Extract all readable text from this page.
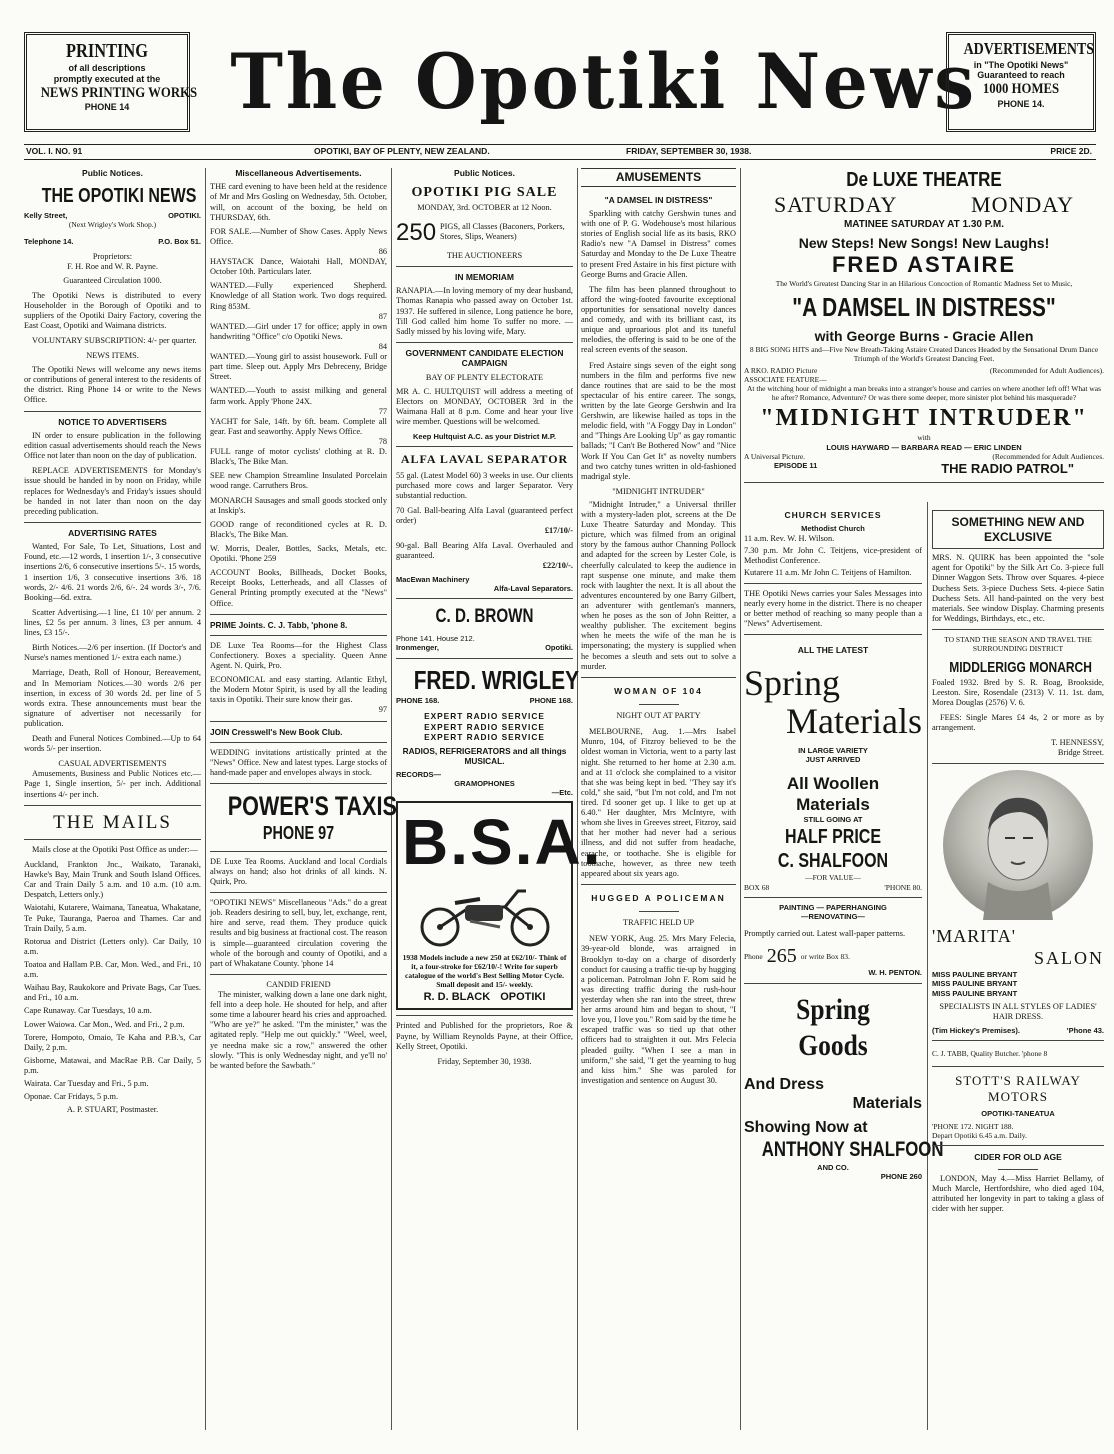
PRINTING
of all descriptions
promptly executed at the
NEWS PRINTING WORKS
PHONE 14	The Opotiki News
ADVERTISEMENTS
in "The Opotiki News"
Guaranteed to reach
1000 HOMES
PHONE 14.
VOL. I. NO. 91	OPOTIKI, BAY OF PLENTY, NEW ZEALAND.	FRIDAY, SEPTEMBER 30, 1938.	PRICE 2D.
Public Notices.
THE OPOTIKI NEWS
Kelly Street,	OPOTIKI.
(Next Wrigley's Work Shop.)
Telephone 14.	P.O. Box 51.
Proprietors:
F. H. Roe and W. R. Payne.
Guaranteed Circulation 1000.

The Opotiki News is distributed to every Householder in the Borough of Opotiki and to suppliers of the Opotiki Dairy Factory, covering the East Coast, Opotiki and Waimana districts.

VOLUNTARY SUBSCRIPTION: 4/- per quarter.

NEWS ITEMS.

The Opotiki News will welcome any news items or contributions of general interest to the residents of the district. Ring Phone 14 or write to the News Office.

NOTICE TO ADVERTISERS

IN order to ensure publication in the following edition casual advertisements should reach the News Office not later than noon on the day of publication.

REPLACE ADVERTISEMENTS for Monday's issue should be handed in by noon on Friday, while replaces for Wednesday's and Friday's issues should be handed in not later than noon on the day preceding publication.

ADVERTISING RATES

Wanted, For Sale, To Let, Situations, Lost and Found, etc.—12 words, 1 insertion 1/-, 3 consecutive insertions 2/6, 6 consecutive insertions 5/-. 15 words, 1 insertion 1/6, 3 consecutive insertions 3/6. 18 words, 2/- 4/6. 21 words 2/6, 6/-. 24 words 3/-, 7/6. Booking—6d. extra.

Scatter Advertising.—1 line, £1 10/ per annum. 2 lines, £2 5s per annum. 3 lines, £3 per annum. 4 lines, £3 15/-.

Birth Notices.—2/6 per insertion. (If Doctor's and Nurse's names mentioned 1/- extra each name.)

Marriage, Death, Roll of Honour, Bereavement, and In Memoriam Notices.—30 words 2/6 per insertion, in excess of 30 words 2d. per line of 5 words extra. These announcements must bear the signature of advertiser not necessarily for publication.

Death and Funeral Notices Combined.—Up to 64 words 5/- per insertion.

CASUAL ADVERTISEMENTS

Amusements, Business and Public Notices etc.—Page 1, Single insertion, 5/- per inch. Additional insertions 4/- per inch.

THE MAILS

Mails close at the Opotiki Post Office as under:—

Auckland, Frankton Jnc., Waikato, Taranaki, Hawke's Bay, Main Trunk and South Island Offices. Car and Train Daily 5 a.m. and 10 a.m. (10 a.m. Despatch, Letters only.)

Waiotahi, Kutarere, Waimana, Taneatua, Whakatane, Te Puke, Tauranga, Paeroa and Thames. Car and Train Daily, 5 a.m.

Rotorua and District (Letters only). Car Daily, 10 a.m.

Toatoa and Hallam P.B. Car, Mon. Wed., and Fri., 10 a.m.

Waihau Bay, Raukokore and Private Bags, Car Tues. and Fri., 10 a.m.

Cape Runaway. Car Tuesdays, 10 a.m.

Lower Waiowa. Car Mon., Wed. and Fri., 2 p.m.

Torere, Hompoto, Omaio, Te Kaha and P.B.'s, Car Daily, 2 p.m.

Gisborne, Matawai, and MacRae P.B. Car Daily, 5 p.m.

Wairata. Car Tuesday and Fri., 5 p.m.

Oponae. Car Fridays, 5 p.m.

A. P. STUART, Postmaster.
Miscellaneous Advertisements.

THE card evening to have been held at the residence of Mr and Mrs Gosling on Wednesday, 5th. October, will, on account of the boxing, be held on THURSDAY, 6th.

FOR SALE.—Number of Show Cases. Apply News Office.

86

HAYSTACK Dance, Waiotahi Hall, MONDAY, October 10th. Particulars later.

WANTED.—Fully experienced Shepherd. Knowledge of all Station work. Two dogs required. Ring 853M.

87

WANTED.—Girl under 17 for office; apply in own handwriting "Office" c/o Opotiki News.

84

WANTED.—Young girl to assist housework. Full or part time. Sleep out. Apply Mrs Debreceny, Bridge Street.

WANTED.—Youth to assist milking and general farm work. Apply 'Phone 24X.

77

YACHT for Sale, 14ft. by 6ft. beam. Complete all gear. Fast and seaworthy. Apply News Office.

78

FULL range of motor cyclists' clothing at R. D. Black's, The Bike Man.

SEE new Champion Streamline Insulated Porcelain wood range. Carruthers Bros.

MONARCH Sausages and small goods stocked only at Inskip's.

GOOD range of reconditioned cycles at R. D. Black's, The Bike Man.

W. Morris, Dealer, Bottles, Sacks, Metals, etc. Opotiki. 'Phone 259

ACCOUNT Books, Billheads, Docket Books, Receipt Books, Letterheads, and all Classes of General Printing promptly executed at the "News" Office.

PRIME Joints. C. J. Tabb, 'phone 8.

DE Luxe Tea Rooms—for the Highest Class Confectionery. Boxes a speciality. Queen Anne Agent. N. Quirk, Pro.

ECONOMICAL and easy starting. Atlantic Ethyl, the Modern Motor Spirit, is used by all the leading taxis in Opotiki. Their sure know their gas.

97

JOIN Cresswell's New Book Club.

WEDDING invitations artistically printed at the "News" Office. New and latest types. Large stocks of hand-made paper and envelopes always in stock.

POWER'S TAXIS
PHONE 97

DE Luxe Tea Rooms. Auckland and local Cordials always on hand; also hot drinks of all kinds. N. Quirk, Pro.

"OPOTIKI NEWS" Miscellaneous "Ads." do a great job. Readers desiring to sell, buy, let, exchange, rent, hire and serve, read them. They produce quick results and big business at fractional cost. The reason is simple—guaranteed circulation covering the whole of the borough and county of Opotiki, and a part of Whakatane County. 'phone 14

CANDID FRIEND

The minister, walking down a lane one dark night, fell into a deep hole. He shouted for help, and after some time a labourer heard his cries and approached. "Who are ye?" he asked. "I'm the minister," was the agitated reply. "Help me out quickly." "Weel, weel, ye needna make sic a row," answered the other slowly. "This is only Wednesday night, and ye'll no' be wanted before the Sawbath."

Public Notices.
OPOTIKI PIG SALE
MONDAY, 3rd. OCTOBER at 12 Noon.
250 PIGS, all Classes (Baconers, Porkers, Stores, Slips, Weaners)
THE AUCTIONEERS
IN MEMORIAM

RANAPIA.—In loving memory of my dear husband, Thomas Ranapia who passed away on October 1st. 1937. He suffered in silence, Long patience he bore, Till God called him home To suffer no more. —Sadly missed by his loving wife, Mary.

GOVERNMENT CANDIDATE ELECTION CAMPAIGN
BAY OF PLENTY ELECTORATE

MR A. C. HULTQUIST will address a meeting of Electors on MONDAY, OCTOBER 3rd in the Waimana Hall at 8 p.m. Come and hear your live wire member. Questions will be welcomed.

Keep Hultquist A.C. as your District M.P.
ALFA LAVAL SEPARATOR

55 gal. (Latest Model 60) 3 weeks in use. Our clients purchased more cows and larger Separator. Very substantial reduction.

70 Gal. Ball-bearing Alfa Laval (guaranteed perfect order)

£17/10/-

90-gal. Ball Bearing Alfa Laval. Overhauled and guaranteed.

£22/10/-.
MacEwan Machinery
Alfa-Laval Separators.
C. D. BROWN
Phone 141. House 212.
Ironmenger,	Opotiki.
FRED. WRIGLEY
PHONE 168.	PHONE 168.
EXPERT RADIO SERVICE
EXPERT RADIO SERVICE
EXPERT RADIO SERVICE
RADIOS, REFRIGERATORS and all things MUSICAL.
RECORDS—
GRAMOPHONES
—Etc.
B.S.A.
1938 Models include a new 250 at £62/10/- Think of it, a four-stroke for £62/10/-! Write for superb catalogue of the world's Best Selling Motor Cycle. Small deposit and 15/- weekly.
R. D. BLACK OPOTIKI

Printed and Published for the proprietors, Roe & Payne, by William Reynolds Payne, at their Office, Kelly Street, Opotiki.

Friday, September 30, 1938.
AMUSEMENTS
"A DAMSEL IN DISTRESS"

Sparkling with catchy Gershwin tunes and with one of P. G. Wodehouse's most hilarious stories of English social life as its basis, RKO Radio's new "A Damsel in Distress" comes Saturday and Monday to the De Luxe Theatre to present Fred Astaire in his first picture with George Burns and Gracie Allen.

The film has been planned throughout to afford the wing-footed favourite exceptional opportunities for sensational novelty dances and comedy, and with its brilliant cast, its unique and uproarious plot and its tuneful melodies, the offering is said to be one of the real screen events of the season.

Fred Astaire sings seven of the eight song numbers in the film and performs five new dance routines that are said to be the most spectacular of his entire career. The songs, written by the late George Gershwin and Ira Gershwin, are likewise hailed as tops in the melodic field, with "A Foggy Day in London" and "Things Are Looking Up" as gay romantic ballads; "I Can't Be Bothered Now" and "Nice Work If You Can Get It" as novelty numbers and two catchy tunes written in old-fashioned madrigal style.

"MIDNIGHT INTRUDER"

"Midnight Intruder," a Universal thriller with a mystery-laden plot, screens at the De Luxe Theatre Saturday and Monday. This picture, which was filmed from an original story by the famous author Channing Pollock and adapted for the screen by Lester Cole, is cheerfully calculated to keep the audience in rapt suspense one minute, and make them rock with laughter the next. It is all about the adventures encountered by one Barry Gilbert, an adventurer with gentleman's manners, when he poses as the son of John Reitter, a wealthy publisher. The excitement begins when he meets the wife of the man he is impersonating; the mystery is supplied when he becomes a sleuth and sets out to solve a murder.

WOMAN OF 104
NIGHT OUT AT PARTY

MELBOURNE, Aug. 1.—Mrs Isabel Munro, 104, of Fitzroy believed to be the oldest woman in Victoria, went to a party last night. She returned to her home at 2.30 a.m. and at 11 o'clock she complained to a visitor that she was being kept in bed. "They say it's cold," she said, "but I'm not cold, and I'm not tired. I'd sooner get up. I like to get up at 6.40." Her daughter, Mrs McIntyre, with whom she lives in Greeves street, Fitzroy, said that her mother had never had a serious illness, and did not suffer from headache, earache, or toothache. She is eligible for toothache, however, as three new teeth appeared about six years ago.

HUGGED A POLICEMAN
TRAFFIC HELD UP

NEW YORK, Aug. 25. Mrs Mary Felecia, 39-year-old blonde, was arraigned in Brooklyn to-day on a charge of disorderly conduct for causing a traffic tie-up by hugging a policeman. Patrolman John F. Rom said he was directing traffic during the rush-hour yesterday when she ran into the street, threw her arms around him and began to shout, "I love you, I love you." Rom said by the time he escaped traffic was so tied up that other officers had to straighten it out. Mrs Felecia pleaded guilty. "When I see a man in uniform," she said, "I get the yearning to hug and kiss him." She was paroled for investigation and sentence on August 30.

De LUXE THEATRE
SATURDAY	MONDAY
MATINEE SATURDAY AT 1.30 P.M.
New Steps! New Songs! New Laughs!
FRED ASTAIRE
The World's Greatest Dancing Star in an Hilarious Concoction of Romantic Madness Set to Music,
"A DAMSEL IN DISTRESS"
with George Burns - Gracie Allen
8 BIG SONG HITS and—Five New Breath-Taking Astaire Created Dances Headed by the Sensational Drum Dance Triumph of the World's Greatest Dancing Feet.
A RKO. RADIO Picture	(Recommended for Adult Audiences).
ASSOCIATE FEATURE—
At the witching hour of midnight a man breaks into a stranger's house and carries on where another left off! What was he after? Romance, Adventure? Or was there some deeper, more sinister plot behind his masquerade?
"MIDNIGHT INTRUDER"
with
LOUIS HAYWARD — BARBARA READ — ERIC LINDEN
A Universal Picture.	(Recommended for Adult Audiences.
EPISODE 11	THE RADIO PATROL"
CHURCH SERVICES
Methodist Church

11 a.m. Rev. W. H. Wilson.

7.30 p.m. Mr John C. Teitjens, vice-president of Methodist Conference.

Kutarere 11 a.m. Mr John C. Teitjens of Hamilton.

THE Opotiki News carries your Sales Messages into nearly every home in the district. There is no cheaper or better method of reaching so many people than a "News" Advertisement.

ALL THE LATEST
Spring
Materials
IN LARGE VARIETY
JUST ARRIVED
All Woollen
Materials
STILL GOING AT
HALF PRICE
C. SHALFOON
—FOR VALUE—
BOX 68	'PHONE 80.
PAINTING — PAPERHANGING
—RENOVATING—

Promptly carried out. Latest wall-paper patterns.

Phone 265 or write Box 83.
W. H. PENTON.
Spring
Goods
And Dress
Materials
Showing Now at
ANTHONY SHALFOON
AND CO.
PHONE 260
SOMETHING NEW AND EXCLUSIVE

MRS. N. QUIRK has been appointed the "sole agent for Opotiki" by the Silk Art Co. 3-piece full Dinner Waggon Sets. Throw over Squares. 4-piece Duchess Sets. 3-piece Duchess Sets. 4-piece Satin Duchess Sets. All hand-painted on the very best materials. See window Display. Charming presents for Weddings, Birthdays, etc., etc.

TO STAND THE SEASON AND TRAVEL THE SURROUNDING DISTRICT
MIDDLERIGG MONARCH

Foaled 1932. Bred by S. R. Boag, Brookside, Leeston. Sire, Rosendale (2313) V. 11. 1st. dam, Morea Douglas (2576) V. 6.

FEES: Single Mares £4 4s, 2 or more as by arrangement.

T. HENNESSY,
Bridge Street.
'MARITA'
SALON
MISS PAULINE BRYANT
MISS PAULINE BRYANT
MISS PAULINE BRYANT
SPECIALISTS IN ALL STYLES OF LADIES' HAIR DRESS.
(Tim Hickey's Premises).	'Phone 43.
C. J. TABB, Quality Butcher. 'phone 8
STOTT'S RAILWAY MOTORS
OPOTIKI-TANEATUA
'PHONE 172. NIGHT 188.
Depart Opotiki 6.45 a.m. Daily.
CIDER FOR OLD AGE

LONDON, May 4.—Miss Harriet Bellamy, of Much Marcle, Hertfordshire, who died aged 104, attributed her longevity in part to taking a glass of cider with her supper.
